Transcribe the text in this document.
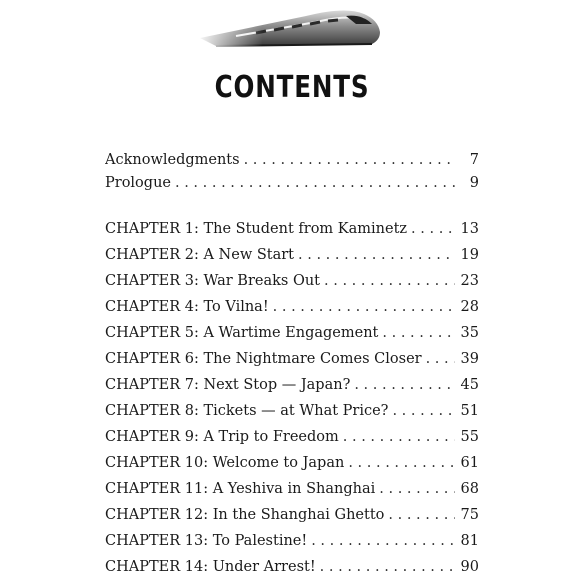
CONTENTS
Acknowledgments . . .	7
Prologue . . .	9
CHAPTER 1: The Student from Kaminetz . . .	13
CHAPTER 2: A New Start . . .	19
CHAPTER 3: War Breaks Out . . .	23
CHAPTER 4: To Vilna! . . .	28
CHAPTER 5: A Wartime Engagement . . .	35
CHAPTER 6: The Nightmare Comes Closer . . .	39
CHAPTER 7: Next Stop — Japan? . . .	45
CHAPTER 8: Tickets — at What Price? . . .	51
CHAPTER 9: A Trip to Freedom . . .	55
CHAPTER 10: Welcome to Japan . . .	61
CHAPTER 11: A Yeshiva in Shanghai . . .	68
CHAPTER 12: In the Shanghai Ghetto . . .	75
CHAPTER 13: To Palestine! . . .	81
CHAPTER 14: Under Arrest! . . .	90
